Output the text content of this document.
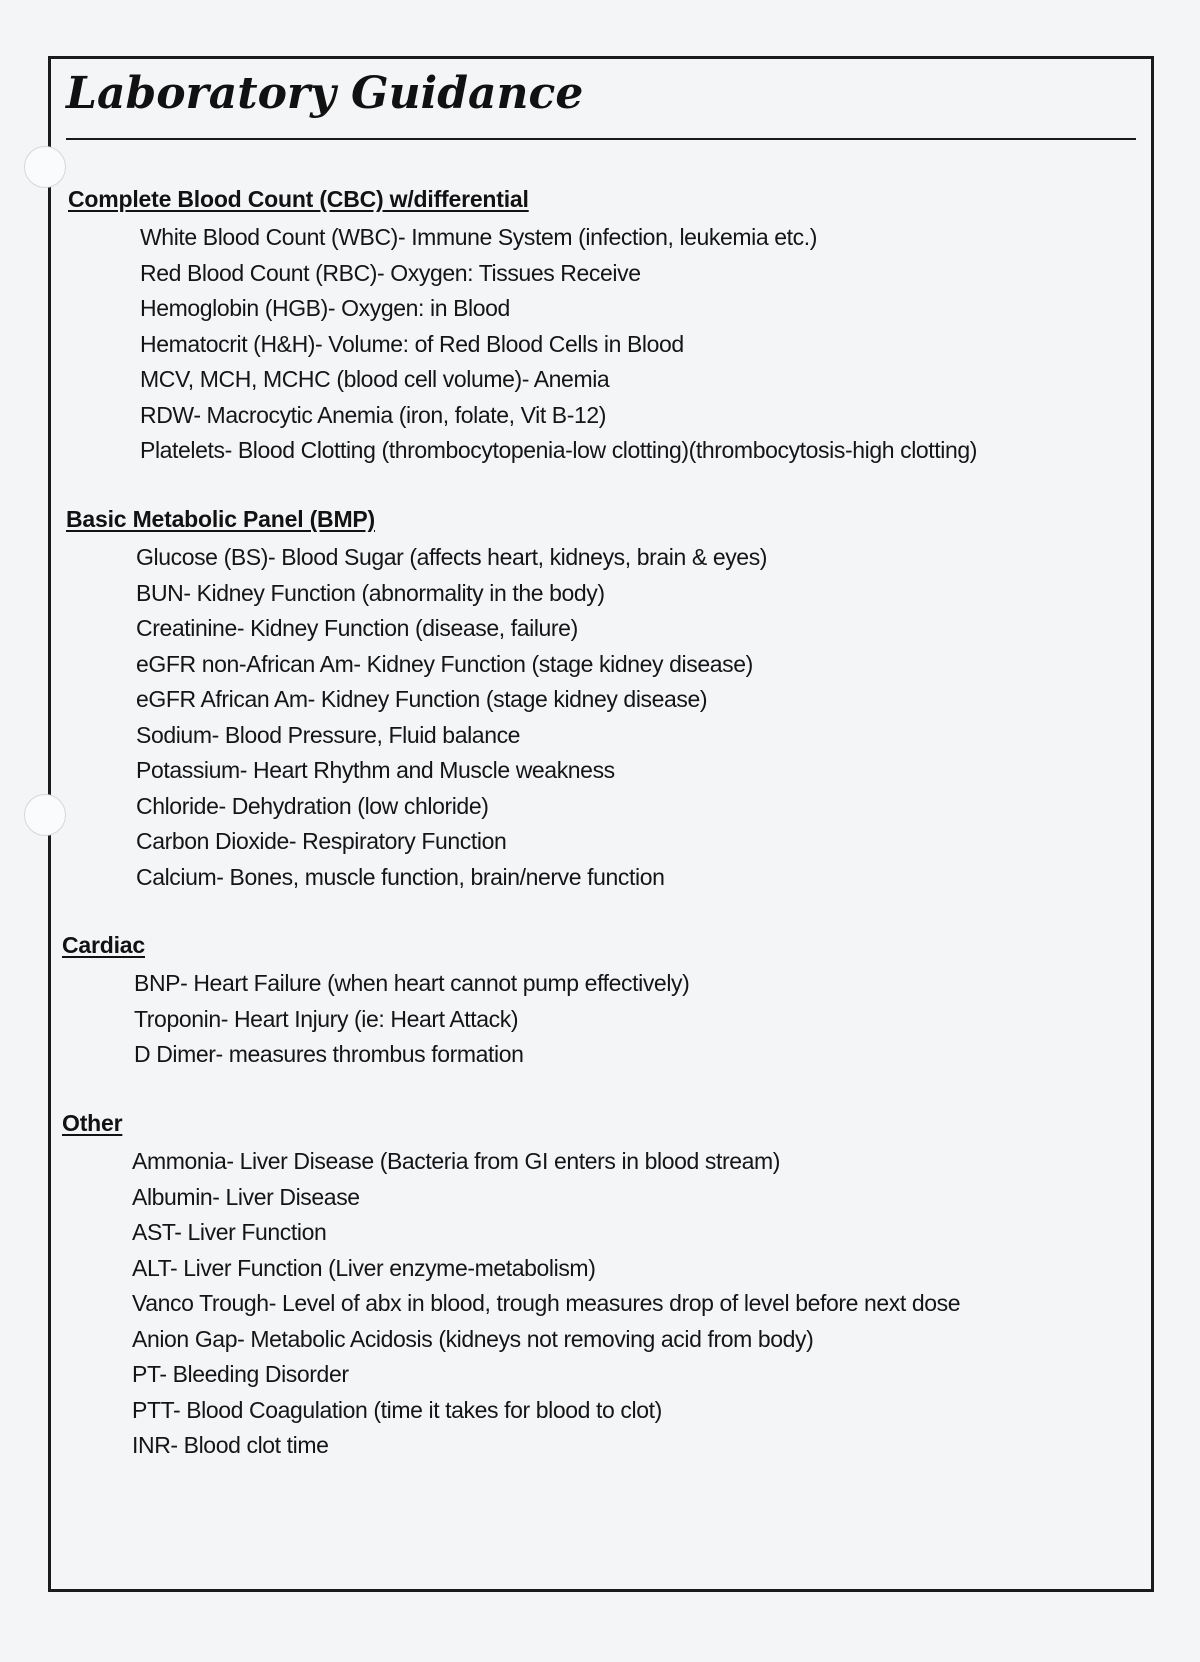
Laboratory Guidance
Complete Blood Count (CBC) w/differential
White Blood Count (WBC)- Immune System (infection, leukemia etc.)
Red Blood Count (RBC)- Oxygen: Tissues Receive
Hemoglobin (HGB)- Oxygen: in Blood
Hematocrit (H&H)- Volume: of Red Blood Cells in Blood
MCV, MCH, MCHC (blood cell volume)- Anemia
RDW- Macrocytic Anemia (iron, folate, Vit B-12)
Platelets- Blood Clotting (thrombocytopenia-low clotting)(thrombocytosis-high clotting)
Basic Metabolic Panel (BMP)
Glucose (BS)- Blood Sugar (affects heart, kidneys, brain & eyes)
BUN- Kidney Function (abnormality in the body)
Creatinine- Kidney Function (disease, failure)
eGFR non-African Am- Kidney Function (stage kidney disease)
eGFR African Am- Kidney Function (stage kidney disease)
Sodium- Blood Pressure, Fluid balance
Potassium- Heart Rhythm and Muscle weakness
Chloride- Dehydration (low chloride)
Carbon Dioxide- Respiratory Function
Calcium- Bones, muscle function, brain/nerve function
Cardiac
BNP- Heart Failure (when heart cannot pump effectively)
Troponin- Heart Injury (ie: Heart Attack)
D Dimer- measures thrombus formation
Other
Ammonia- Liver Disease (Bacteria from GI enters in blood stream)
Albumin- Liver Disease
AST- Liver Function
ALT- Liver Function (Liver enzyme-metabolism)
Vanco Trough- Level of abx in blood, trough measures drop of level before next dose
Anion Gap- Metabolic Acidosis (kidneys not removing acid from body)
PT- Bleeding Disorder
PTT- Blood Coagulation (time it takes for blood to clot)
INR- Blood clot time
